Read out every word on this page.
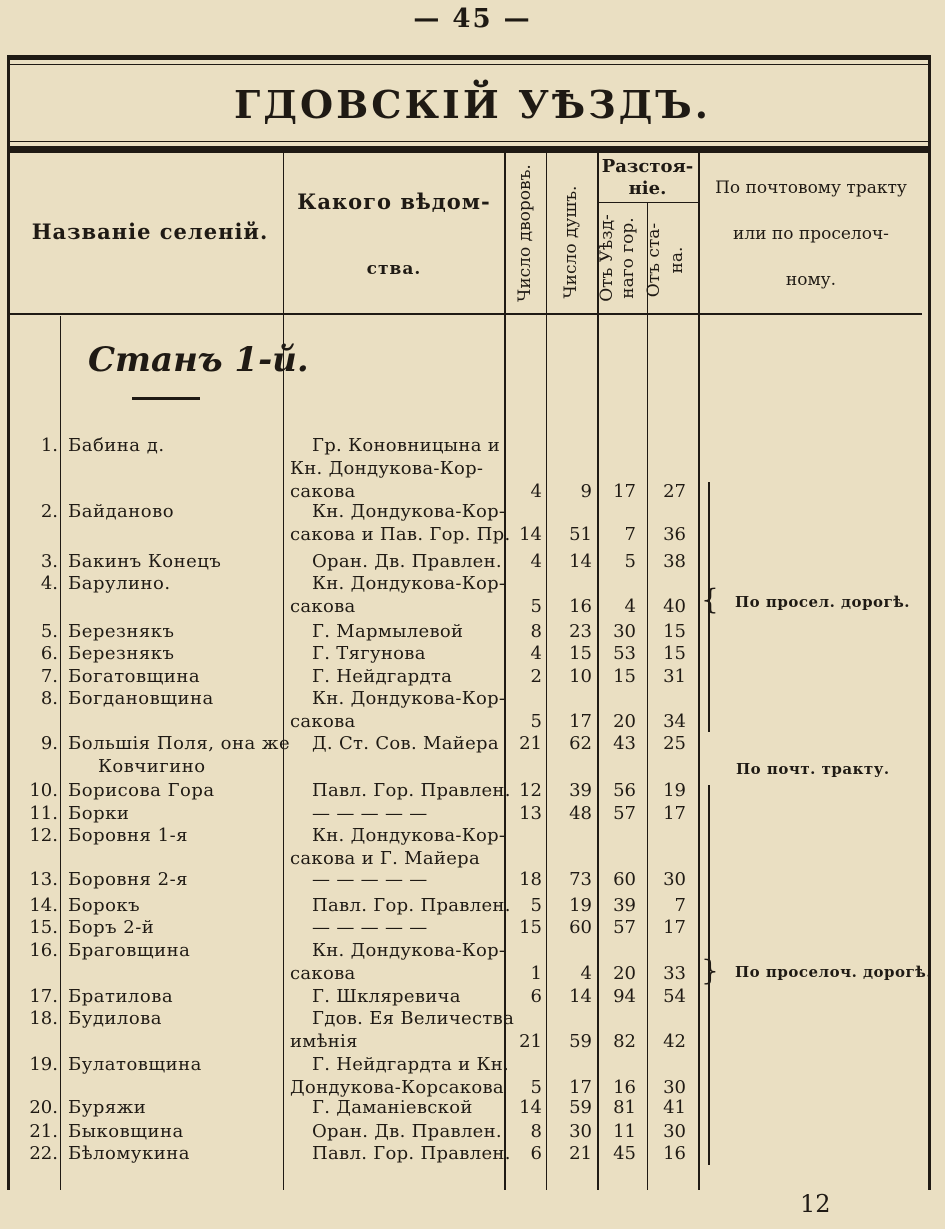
— 45 —
ГДОВСКIЙ УѢЗДЪ.
Названiе селенiй.
Какого вѣдом-
ства.	Число дворовъ. Число душъ.
Разстоя-
нiе.
Отъ Уѣзд- наго гор. Отъ ста- на.
По почтовому тракту
или по проселоч-
ному.
Станъ 1-й.
1. Бабина д.	Гр. Коновницына и
Кн. Дондукова-Кор-
сакова	4	9	17	27
2. Байданово	Кн. Дондукова-Кор-
сакова и Пав. Гор. Пр. 14	51	7	36
3. Бакинъ Конецъ	Оран. Дв. Правлен.	4	14	5	38
4. Барулино.	Кн. Дондукова-Кор-
сакова	5	16	4	40
5. Березнякъ	Г. Мармылевой	8	23	30	15
6. Березнякъ	Г. Тягунова	4	15	53	15
7. Богатовщина	Г. Нейдгардта	2	10	15	31
8. Богдановщина	Кн. Дондукова-Кор-
сакова	5	17	20	34
9. Большiя Поля, она же
Ковчигино
Д. Ст. Сов. Майера	21	62	43	25
10. Борисова Гора	Павл. Гор. Правлен. 12	39	56	19
11. Борки	— — — — —	13	48	57	17
12. Боровня 1-я	Кн. Дондукова-Кор-
сакова и Г. Майера
13. Боровня 2-я	— — — — —	18	73	60	30
14. Борокъ	Павл. Гор. Правлен.	5	19	39	7
15. Боръ 2-й	— — — — —	15	60	57	17
16. Браговщина	Кн. Дондукова-Кор-
сакова	1	4	20	33
17. Братилова	Г. Шкляревича	6	14	94	54
18. Будилова	Гдов. Ея Величества
имѣнiя	21	59	82	42
19. Булатовщина	Г. Нейдгардта и Кн.
Дондукова-Корсакова	5	17	16	30
20. Буряжи	Г. Даманiевской	14	59	81	41
21. Быковщина	Оран. Дв. Правлен.	8	30	11	30
22. Бѣломукина	Павл. Гор. Правлен.	6	21	45	16
{ По просел. дорогѣ.
По почт. тракту.
} По проселоч. дорогѣ.
12
